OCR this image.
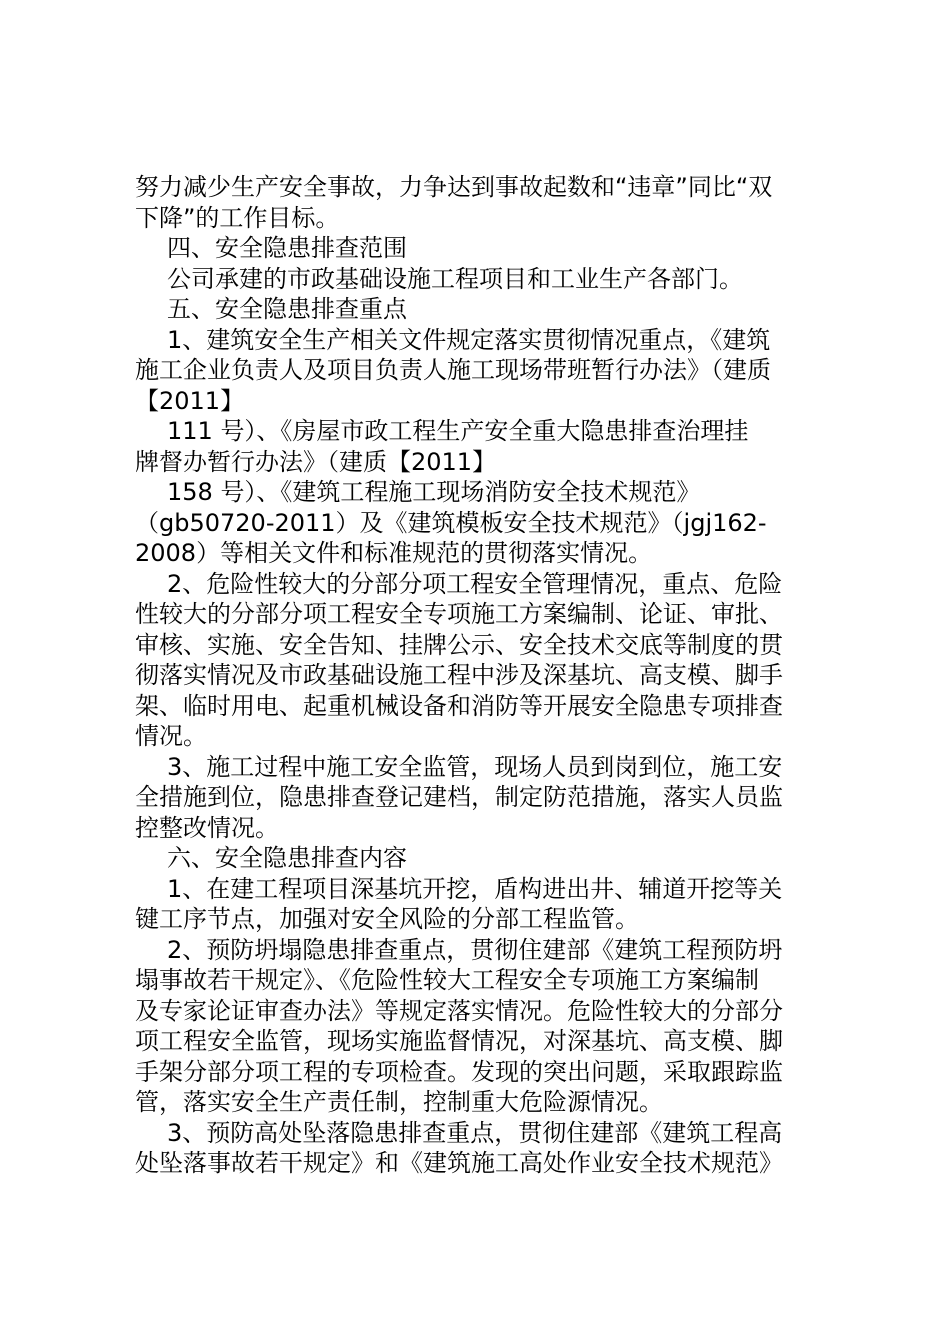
努力减少生产安全事故，力争达到事故起数和“违章”同比“双
下降”的工作目标。
四、安全隐患排查范围
公司承建的市政基础设施工程项目和工业生产各部门。
五、安全隐患排查重点
1、建筑安全生产相关文件规定落实贯彻情况重点，《建筑
施工企业负责人及项目负责人施工现场带班暂行办法》（建质
【2011】
111 号）、《房屋市政工程生产安全重大隐患排查治理挂
牌督办暂行办法》（建质【2011】
158 号）、《建筑工程施工现场消防安全技术规范》
（gb50720-2011）及《建筑模板安全技术规范》（jgj162-
2008）等相关文件和标准规范的贯彻落实情况。
2、危险性较大的分部分项工程安全管理情况，重点、危险
性较大的分部分项工程安全专项施工方案编制、论证、审批、
审核、实施、安全告知、挂牌公示、安全技术交底等制度的贯
彻落实情况及市政基础设施工程中涉及深基坑、高支模、脚手
架、临时用电、起重机械设备和消防等开展安全隐患专项排查
情况。
3、施工过程中施工安全监管，现场人员到岗到位，施工安
全措施到位，隐患排查登记建档，制定防范措施，落实人员监
控整改情况。
六、安全隐患排查内容
1、在建工程项目深基坑开挖，盾构进出井、辅道开挖等关
键工序节点，加强对安全风险的分部工程监管。
2、预防坍塌隐患排查重点，贯彻住建部《建筑工程预防坍
塌事故若干规定》、《危险性较大工程安全专项施工方案编制
及专家论证审查办法》等规定落实情况。危险性较大的分部分
项工程安全监管，现场实施监督情况，对深基坑、高支模、脚
手架分部分项工程的专项检查。发现的突出问题，采取跟踪监
管，落实安全生产责任制，控制重大危险源情况。
3、预防高处坠落隐患排查重点，贯彻住建部《建筑工程高
处坠落事故若干规定》和《建筑施工高处作业安全技术规范》
